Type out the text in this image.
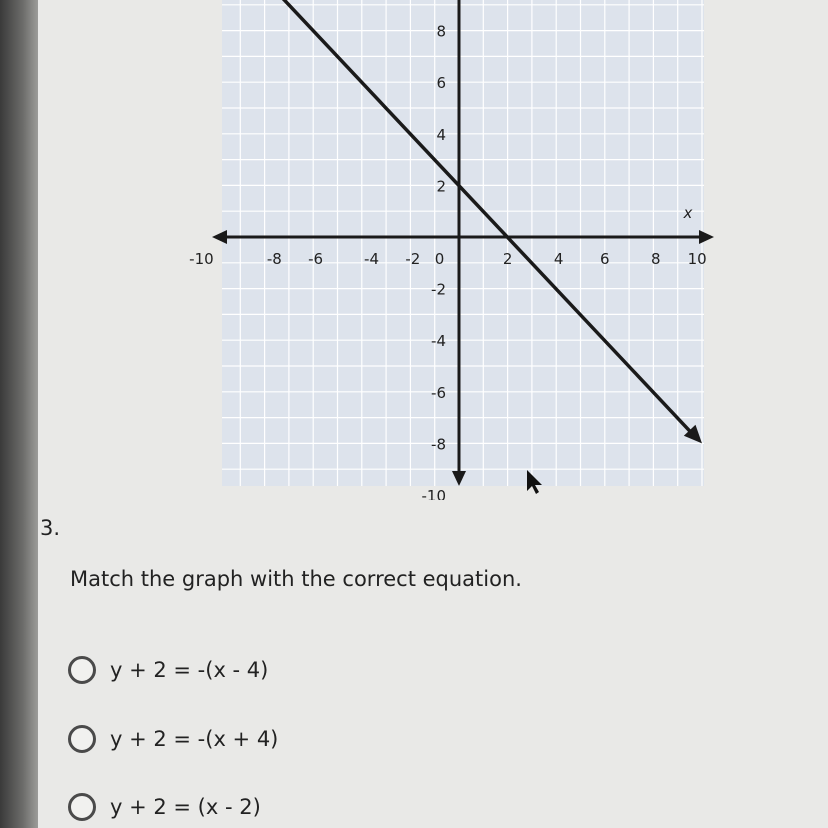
x
-10	-8 -6	-4 -2 0	2	4 6	8 10
8
6
4
2
-2
-4
-6
-8
-10
3.
Match the graph with the correct equation.
y + 2 = -(x - 4)
y + 2 = -(x + 4)
y + 2 = (x - 2)
